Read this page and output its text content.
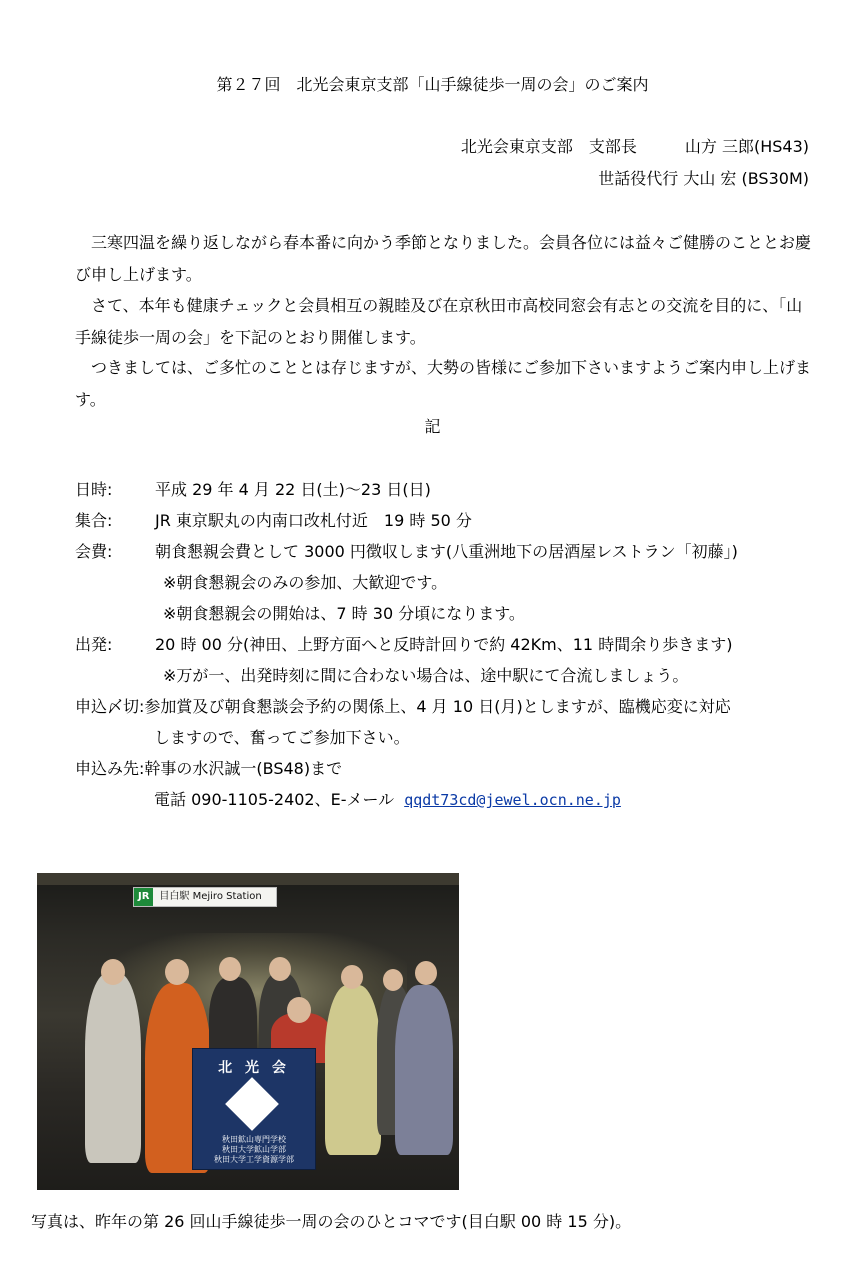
第２７回　北光会東京支部「山手線徒歩一周の会」のご案内
北光会東京支部　支部長　　　山方 三郎(HS43)
世話役代行 大山 宏 (BS30M)
三寒四温を繰り返しながら春本番に向かう季節となりました。会員各位には益々ご健勝のこととお慶び申し上げます。
さて、本年も健康チェックと会員相互の親睦及び在京秋田市高校同窓会有志との交流を目的に、「山手線徒歩一周の会」を下記のとおり開催します。
つきましては、ご多忙のこととは存じますが、大勢の皆様にご参加下さいますようご案内申し上げます。
記
日時:	平成 29 年 4 月 22 日(土)～23 日(日)
集合:	JR 東京駅丸の内南口改札付近　19 時 50 分
会費:	朝食懇親会費として 3000 円徴収します(八重洲地下の居酒屋レストラン「初藤」)
※朝食懇親会のみの参加、大歓迎です。
※朝食懇親会の開始は、7 時 30 分頃になります。
出発:	20 時 00 分(神田、上野方面へと反時計回りで約 42Km、11 時間余り歩きます)
※万が一、出発時刻に間に合わない場合は、途中駅にて合流しましょう。
申込〆切:参加賞及び朝食懇談会予約の関係上、4 月 10 日(月)としますが、臨機応変に対応
しますので、奮ってご参加下さい。
申込み先:幹事の水沢誠一(BS48)まで
電話 090-1105-2402、E-メール qqdt73cd@jewel.ocn.ne.jp
JR 目白駅 Mejiro Station
北 光 会
秋田鉱山専門学校
秋田大学鉱山学部
秋田大学工学資源学部
写真は、昨年の第 26 回山手線徒歩一周の会のひとコマです(目白駅 00 時 15 分)。
